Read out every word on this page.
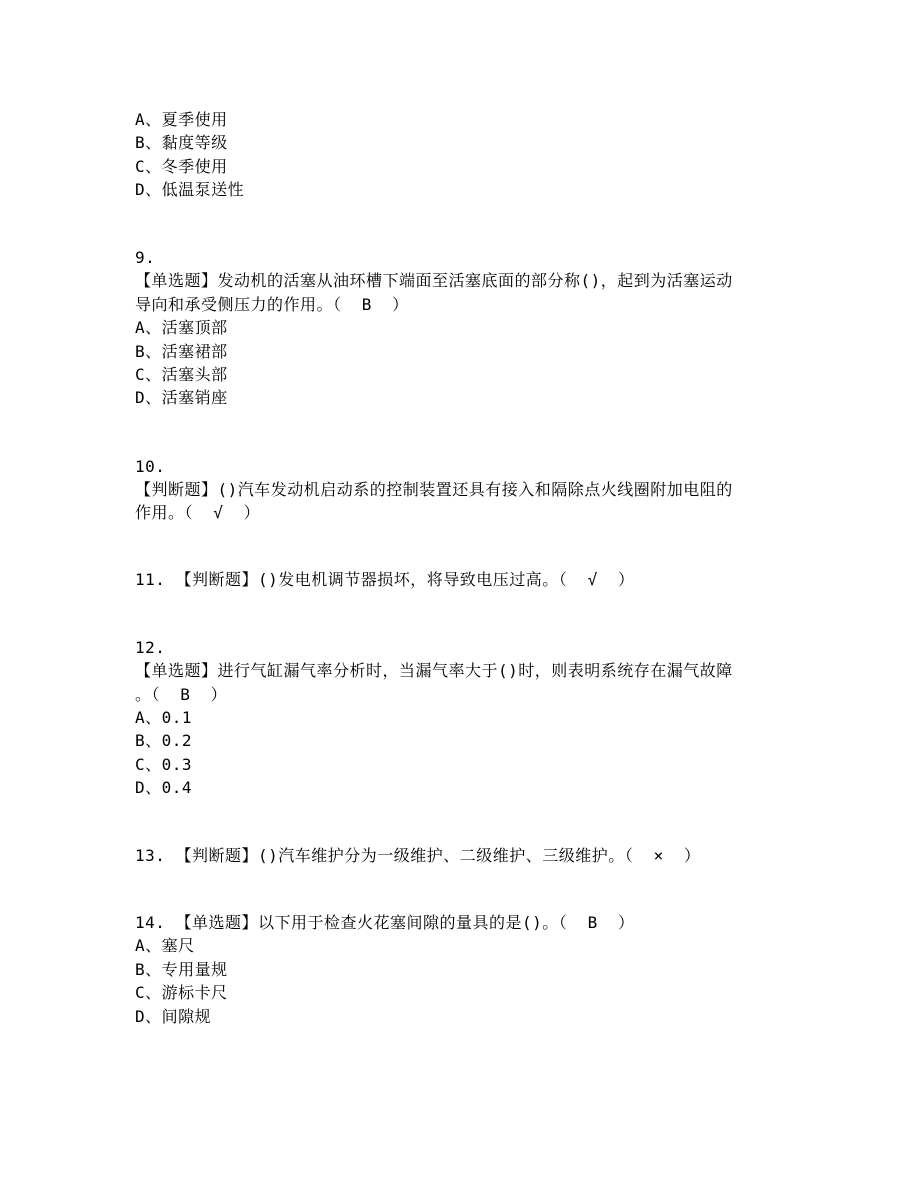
A、夏季使用
B、黏度等级
C、冬季使用
D、低温泵送性
9.
【单选题】发动机的活塞从油环槽下端面至活塞底面的部分称()，起到为活塞运动
导向和承受侧压力的作用。（  B  ）
A、活塞顶部
B、活塞裙部
C、活塞头部
D、活塞销座
10.
【判断题】()汽车发动机启动系的控制装置还具有接入和隔除点火线圈附加电阻的
作用。（  √  ）
11. 【判断题】()发电机调节器损坏，将导致电压过高。（  √  ）
12.
【单选题】进行气缸漏气率分析时，当漏气率大于()时，则表明系统存在漏气故障
。（  B  ）
A、0.1
B、0.2
C、0.3
D、0.4
13. 【判断题】()汽车维护分为一级维护、二级维护、三级维护。（  ×  ）
14. 【单选题】以下用于检查火花塞间隙的量具的是()。（  B  ）
A、塞尺
B、专用量规
C、游标卡尺
D、间隙规
